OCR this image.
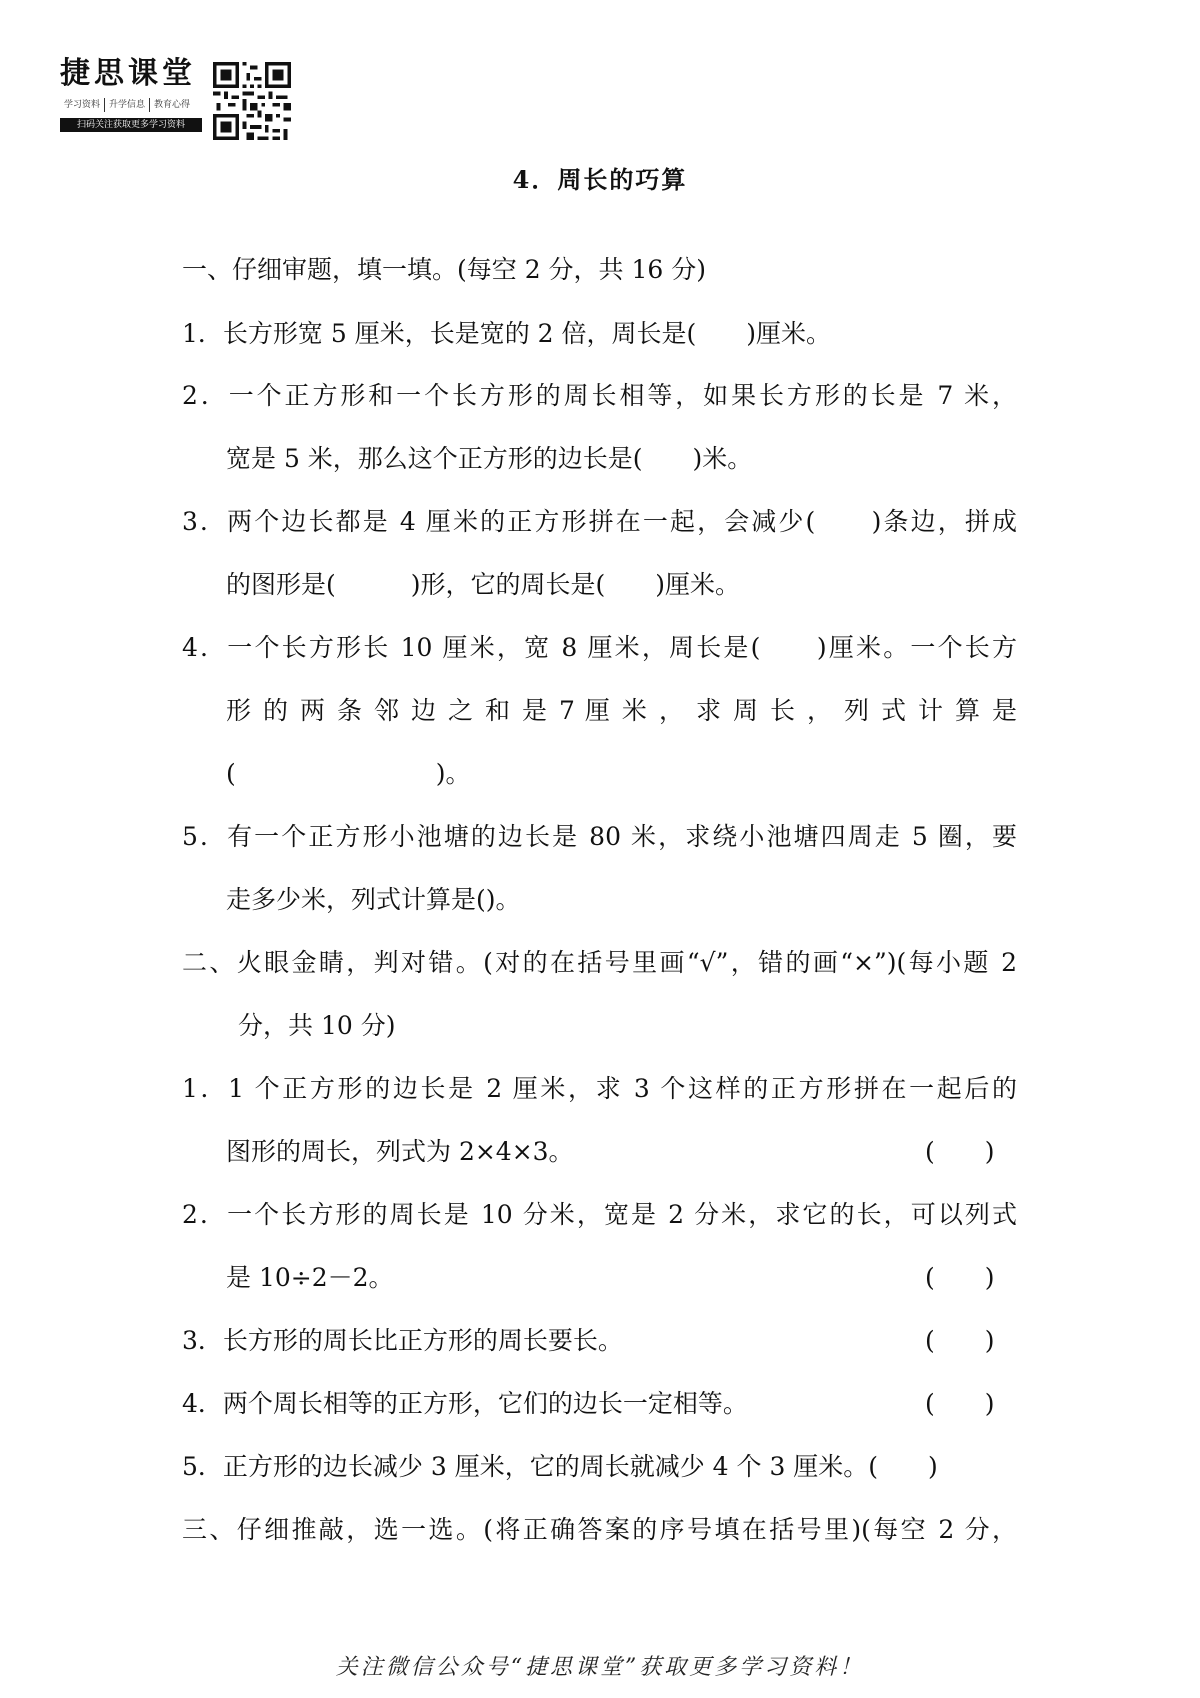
捷思课堂
学习资料	升学信息	教育心得
扫码关注获取更多学习资料
4．周长的巧算
一、仔细审题，填一填。(每空 2 分，共 16 分)
1．长方形宽 5 厘米，长是宽的 2 倍，周长是(　　)厘米。
2．一个正方形和一个长方形的周长相等，如果长方形的长是 7 米，
宽是 5 米，那么这个正方形的边长是(　　)米。
3．两个边长都是 4 厘米的正方形拼在一起，会减少(　　)条边，拼成
的图形是(　　　)形，它的周长是(　　)厘米。
4．一个长方形长 10 厘米，宽 8 厘米，周长是(　　)厘米。一个长方
形 的 两 条 邻 边 之 和 是 7 厘 米 ， 求 周 长 ， 列 式 计 算 是
(　　　　　　　　)。
5．有一个正方形小池塘的边长是 80 米，求绕小池塘四周走 5 圈，要
走多少米，列式计算是()。
二、火眼金睛，判对错。(对的在括号里画“√”，错的画“×”)(每小题 2
分，共 10 分)
1．1 个正方形的边长是 2 厘米，求 3 个这样的正方形拼在一起后的
图形的周长，列式为 2×4×3。	(　　)
2．一个长方形的周长是 10 分米，宽是 2 分米，求它的长，可以列式
是 10÷2－2。	(　　)
3．长方形的周长比正方形的周长要长。	(　　)
4．两个周长相等的正方形，它们的边长一定相等。	(　　)
5．正方形的边长减少 3 厘米，它的周长就减少 4 个 3 厘米。(　　)
三、仔细推敲，选一选。(将正确答案的序号填在括号里)(每空 2 分，
关注微信公众号“捷思课堂”获取更多学习资料！
